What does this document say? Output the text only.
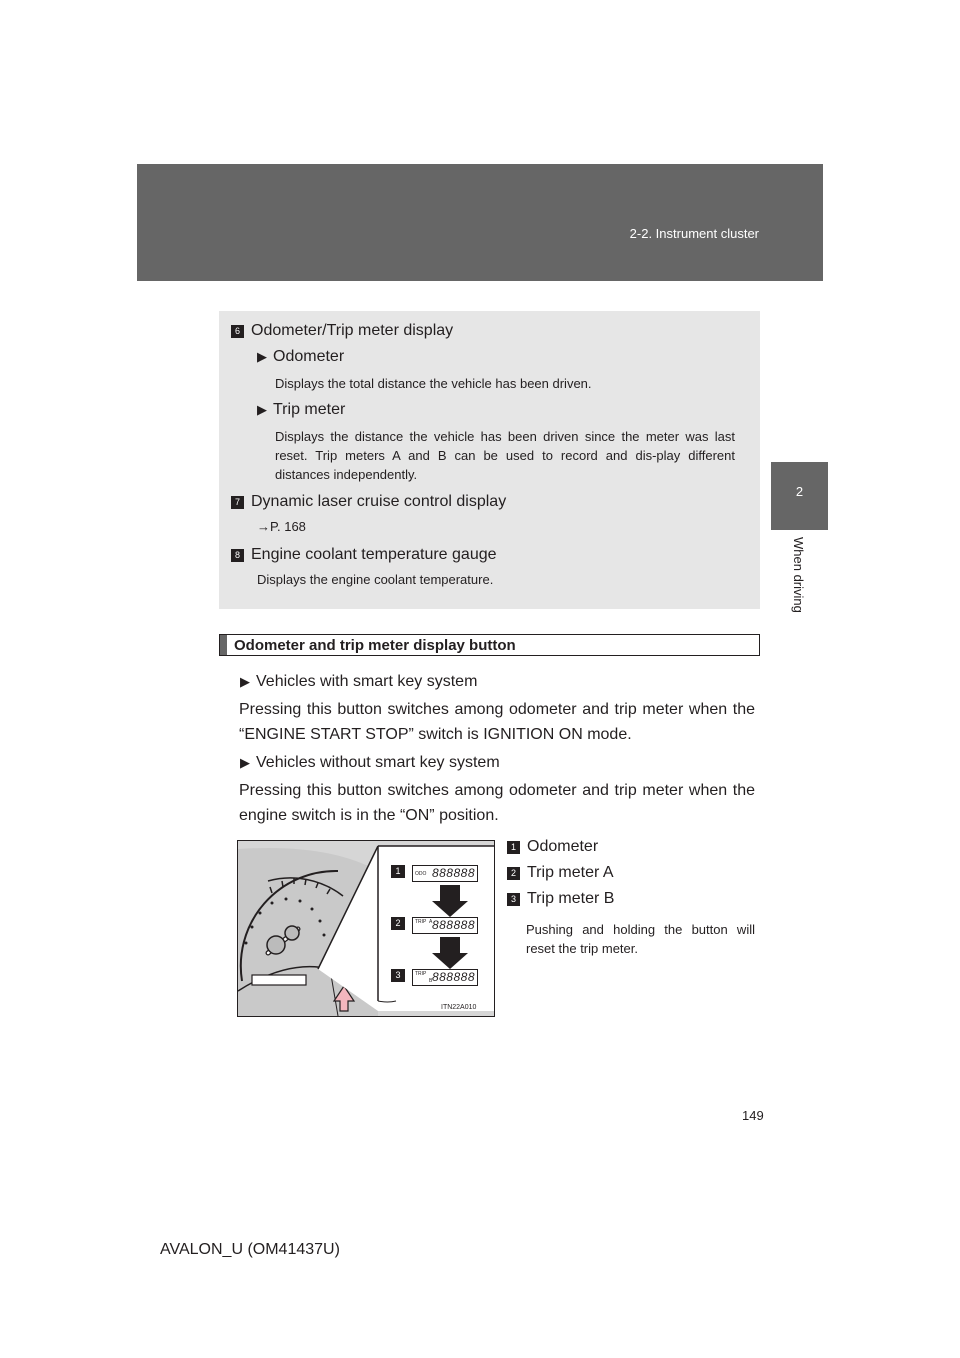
2-2. Instrument cluster
2
When driving
6 Odometer/Trip meter display
▶ Odometer
Displays the total distance the vehicle has been driven.
▶ Trip meter
Displays the distance the vehicle has been driven since the meter was last reset. Trip meters A and B can be used to record and dis-play different distances independently.
7 Dynamic laser cruise control display
→P. 168
8 Engine coolant temperature gauge
Displays the engine coolant temperature.
Odometer and trip meter display button
▶ Vehicles with smart key system
Pressing this button switches among odometer and trip meter when the “ENGINE START STOP” switch is IGNITION ON mode.
▶ Vehicles without smart key system
Pressing this button switches among odometer and trip meter when the engine switch is in the “ON” position.
1	ODO 888888
2	TRIP A 888888
3	TRIP
B 888888
ITN22A010
1 Odometer
2 Trip meter A
3 Trip meter B
Pushing and holding the button will reset the trip meter.
149
AVALON_U (OM41437U)
